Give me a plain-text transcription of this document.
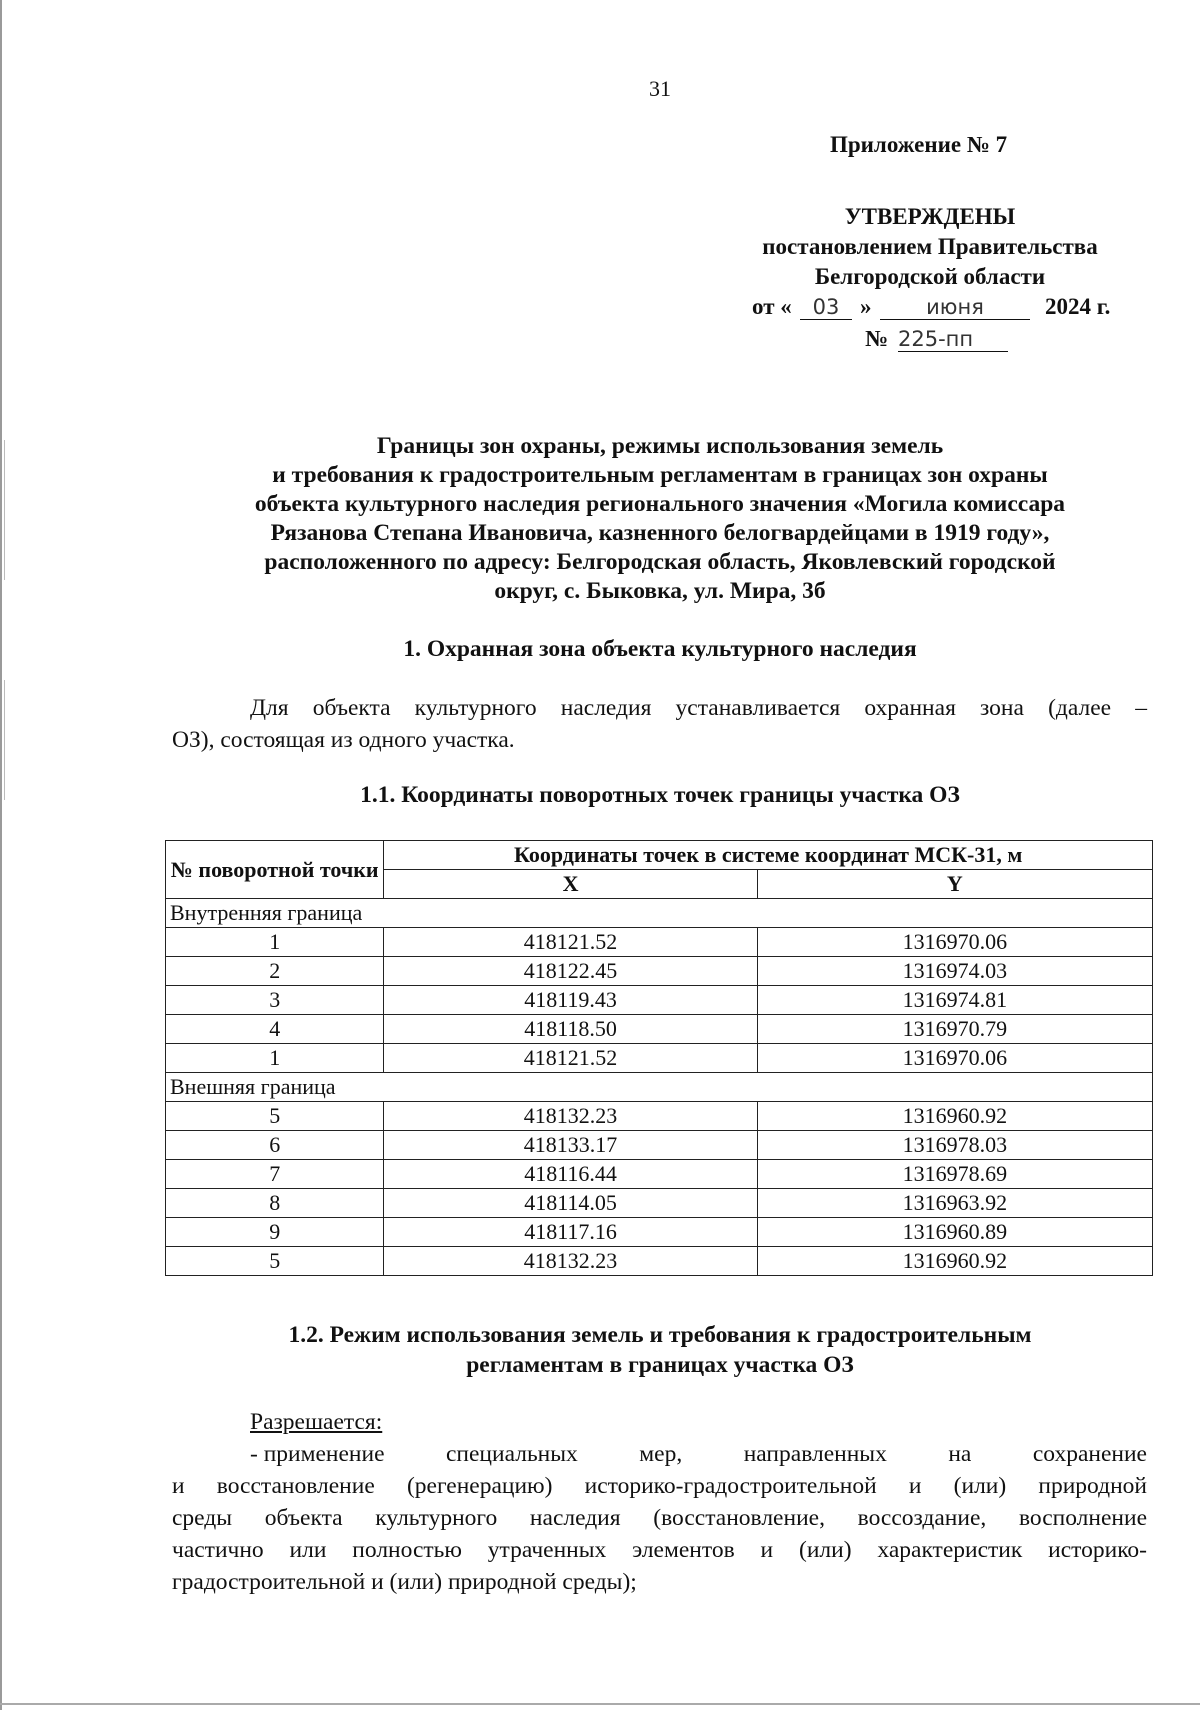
31
Приложение № 7
УТВЕРЖДЕНЫ
постановлением Правительства
Белгородской области
от « 03 »	июня	2024 г.
№ 225-пп
Границы зон охраны, режимы использования земель
и требования к градостроительным регламентам в границах зон охраны
объекта культурного наследия регионального значения «Могила комиссара
Рязанова Степана Ивановича, казненного белогвардейцами в 1919 году»,
расположенного по адресу: Белгородская область, Яковлевский городской
округ, с. Быковка, ул. Мира, 3б
1. Охранная зона объекта культурного наследия
Для объекта культурного наследия устанавливается охранная зона (далее –
ОЗ), состоящая из одного участка.
1.1. Координаты поворотных точек границы участка ОЗ
№ поворотной точки	Координаты точек в системе координат МСК-31, м	
	X	Y
Внутренняя граница		
1	418121.52	1316970.06
2	418122.45	1316974.03
3	418119.43	1316974.81
4	418118.50	1316970.79
1	418121.52	1316970.06
Внешняя граница		
5	418132.23	1316960.92
6	418133.17	1316978.03
7	418116.44	1316978.69
8	418114.05	1316963.92
9	418117.16	1316960.89
5	418132.23	1316960.92
1.2. Режим использования земель и требования к градостроительным
регламентам в границах участка ОЗ
Разрешается:
- применение	специальных	мер,	направленных	на	сохранение
и восстановление (регенерацию) историко-градостроительной и (или) природной
среды объекта культурного наследия (восстановление, воссоздание, восполнение
частично или полностью утраченных элементов и (или) характеристик историко-
градостроительной и (или) природной среды);
